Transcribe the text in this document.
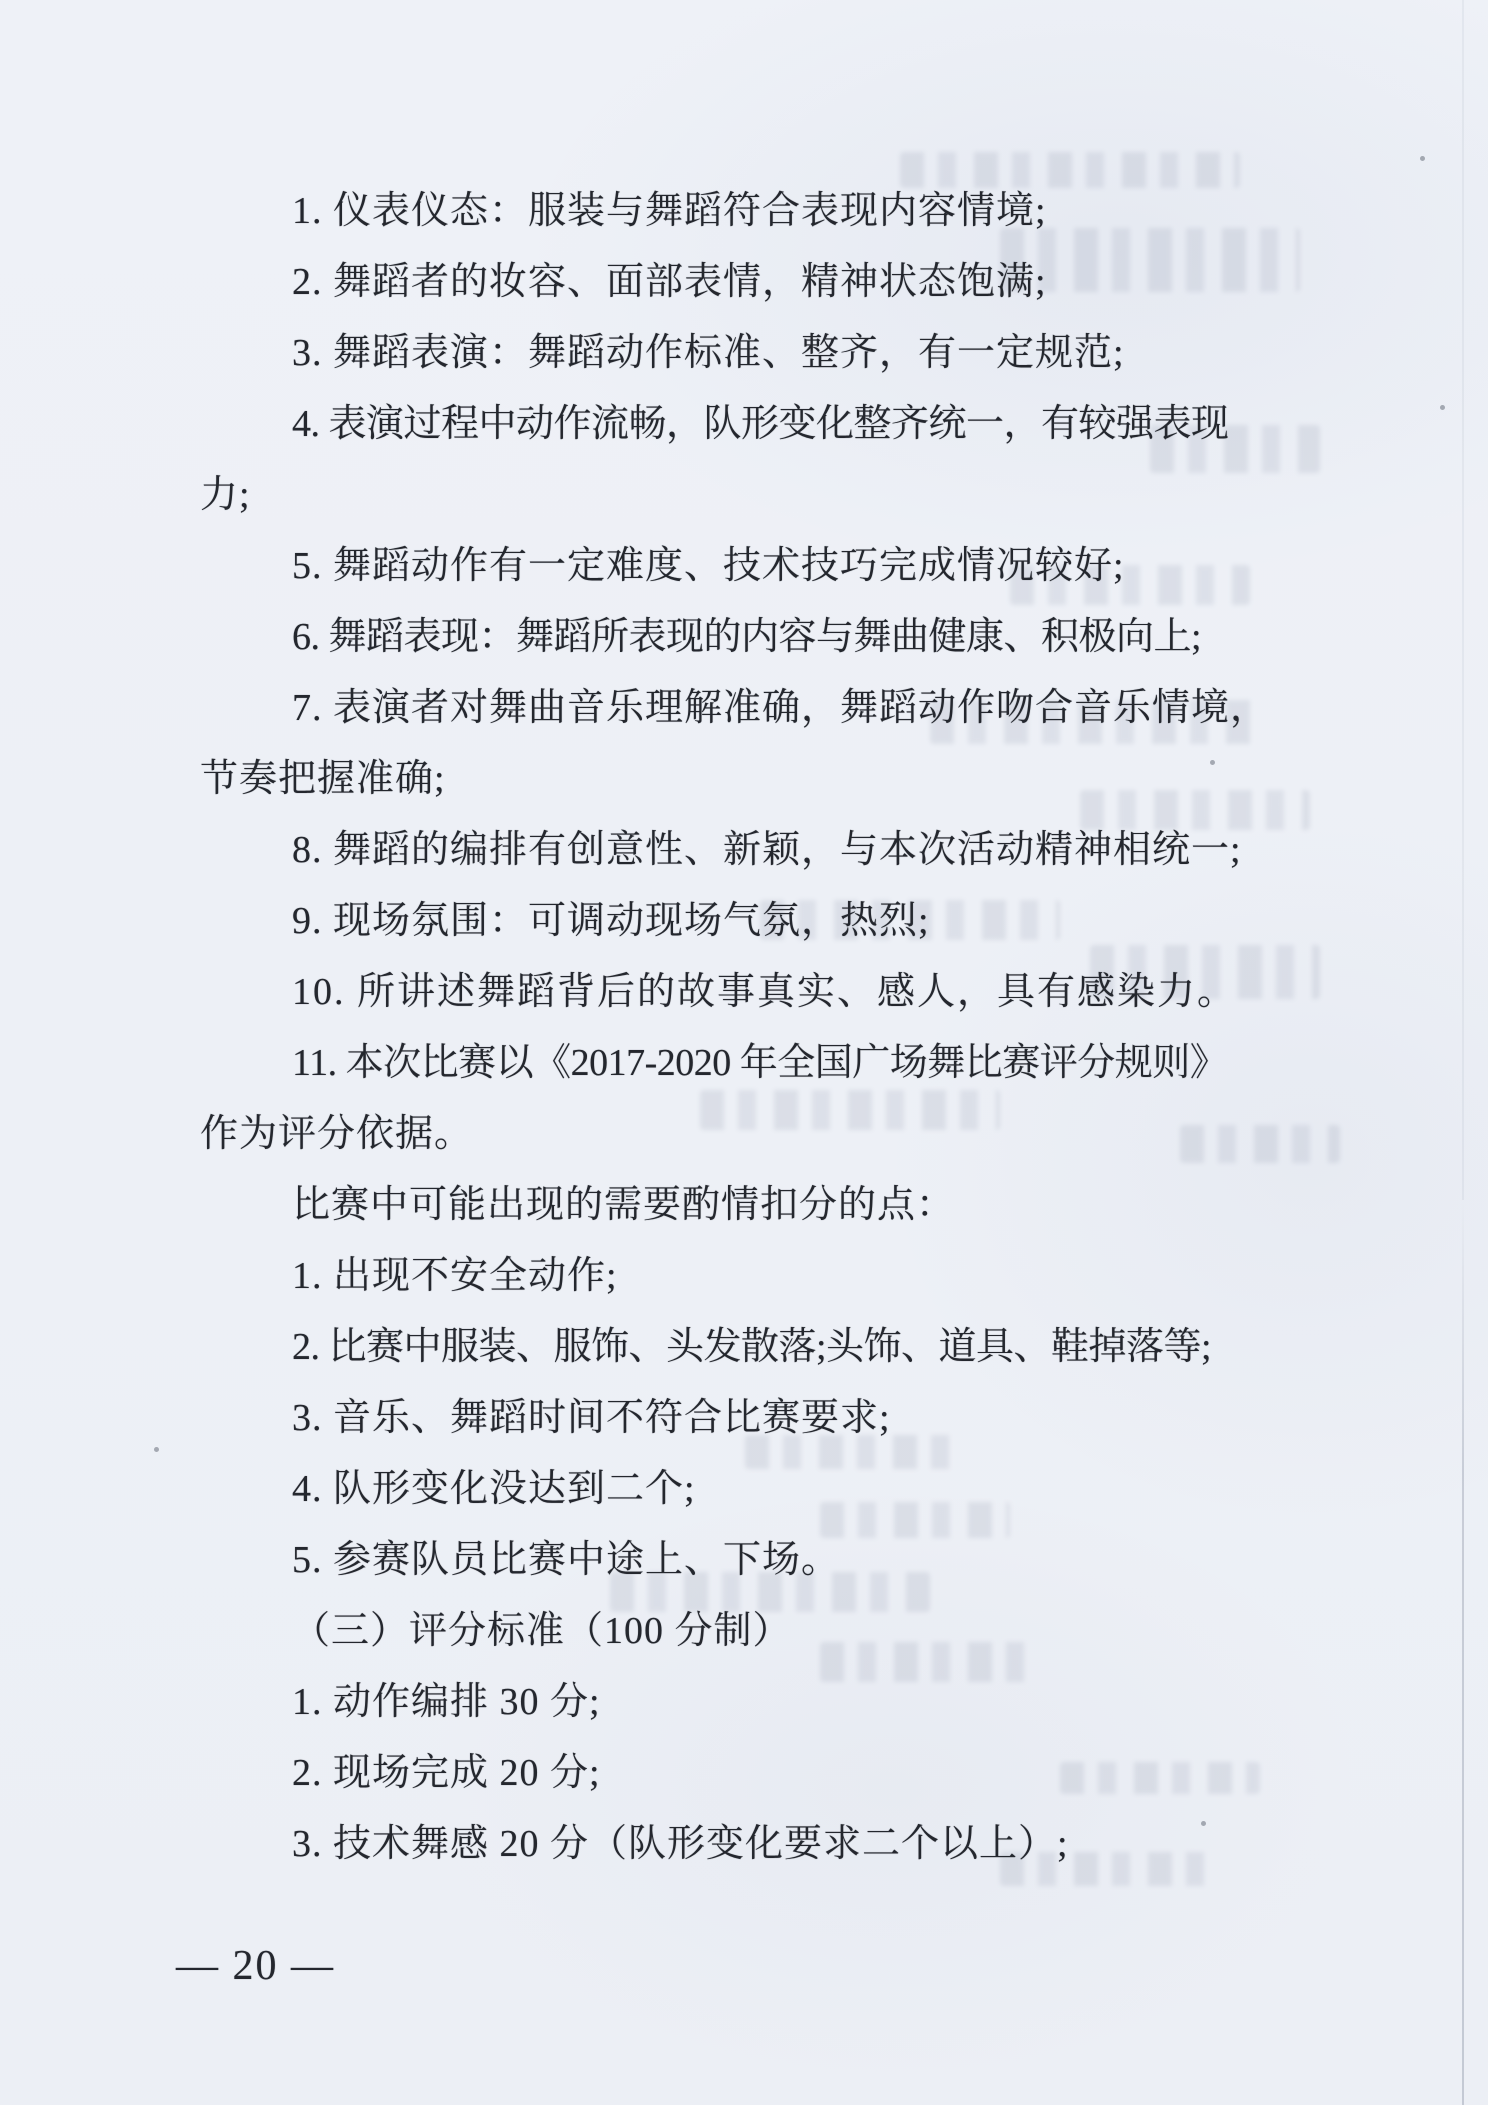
1. 仪表仪态：服装与舞蹈符合表现内容情境;
2. 舞蹈者的妆容、面部表情，精神状态饱满;
3. 舞蹈表演：舞蹈动作标准、整齐，有一定规范;
4. 表演过程中动作流畅，队形变化整齐统一，有较强表现
力;
5. 舞蹈动作有一定难度、技术技巧完成情况较好;
6. 舞蹈表现：舞蹈所表现的内容与舞曲健康、积极向上;
7. 表演者对舞曲音乐理解准确，舞蹈动作吻合音乐情境，
节奏把握准确;
8. 舞蹈的编排有创意性、新颖，与本次活动精神相统一;
9. 现场氛围：可调动现场气氛，热烈;
10. 所讲述舞蹈背后的故事真实、感人，具有感染力。
11. 本次比赛以《2017-2020 年全国广场舞比赛评分规则》
作为评分依据。
比赛中可能出现的需要酌情扣分的点：
1. 出现不安全动作;
2. 比赛中服装、服饰、头发散落;头饰、道具、鞋掉落等;
3. 音乐、舞蹈时间不符合比赛要求;
4. 队形变化没达到二个;
5. 参赛队员比赛中途上、下场。
（三）评分标准（100 分制）
1. 动作编排 30 分;
2. 现场完成 20 分;
3. 技术舞感 20 分（队形变化要求二个以上）;
— 20 —
